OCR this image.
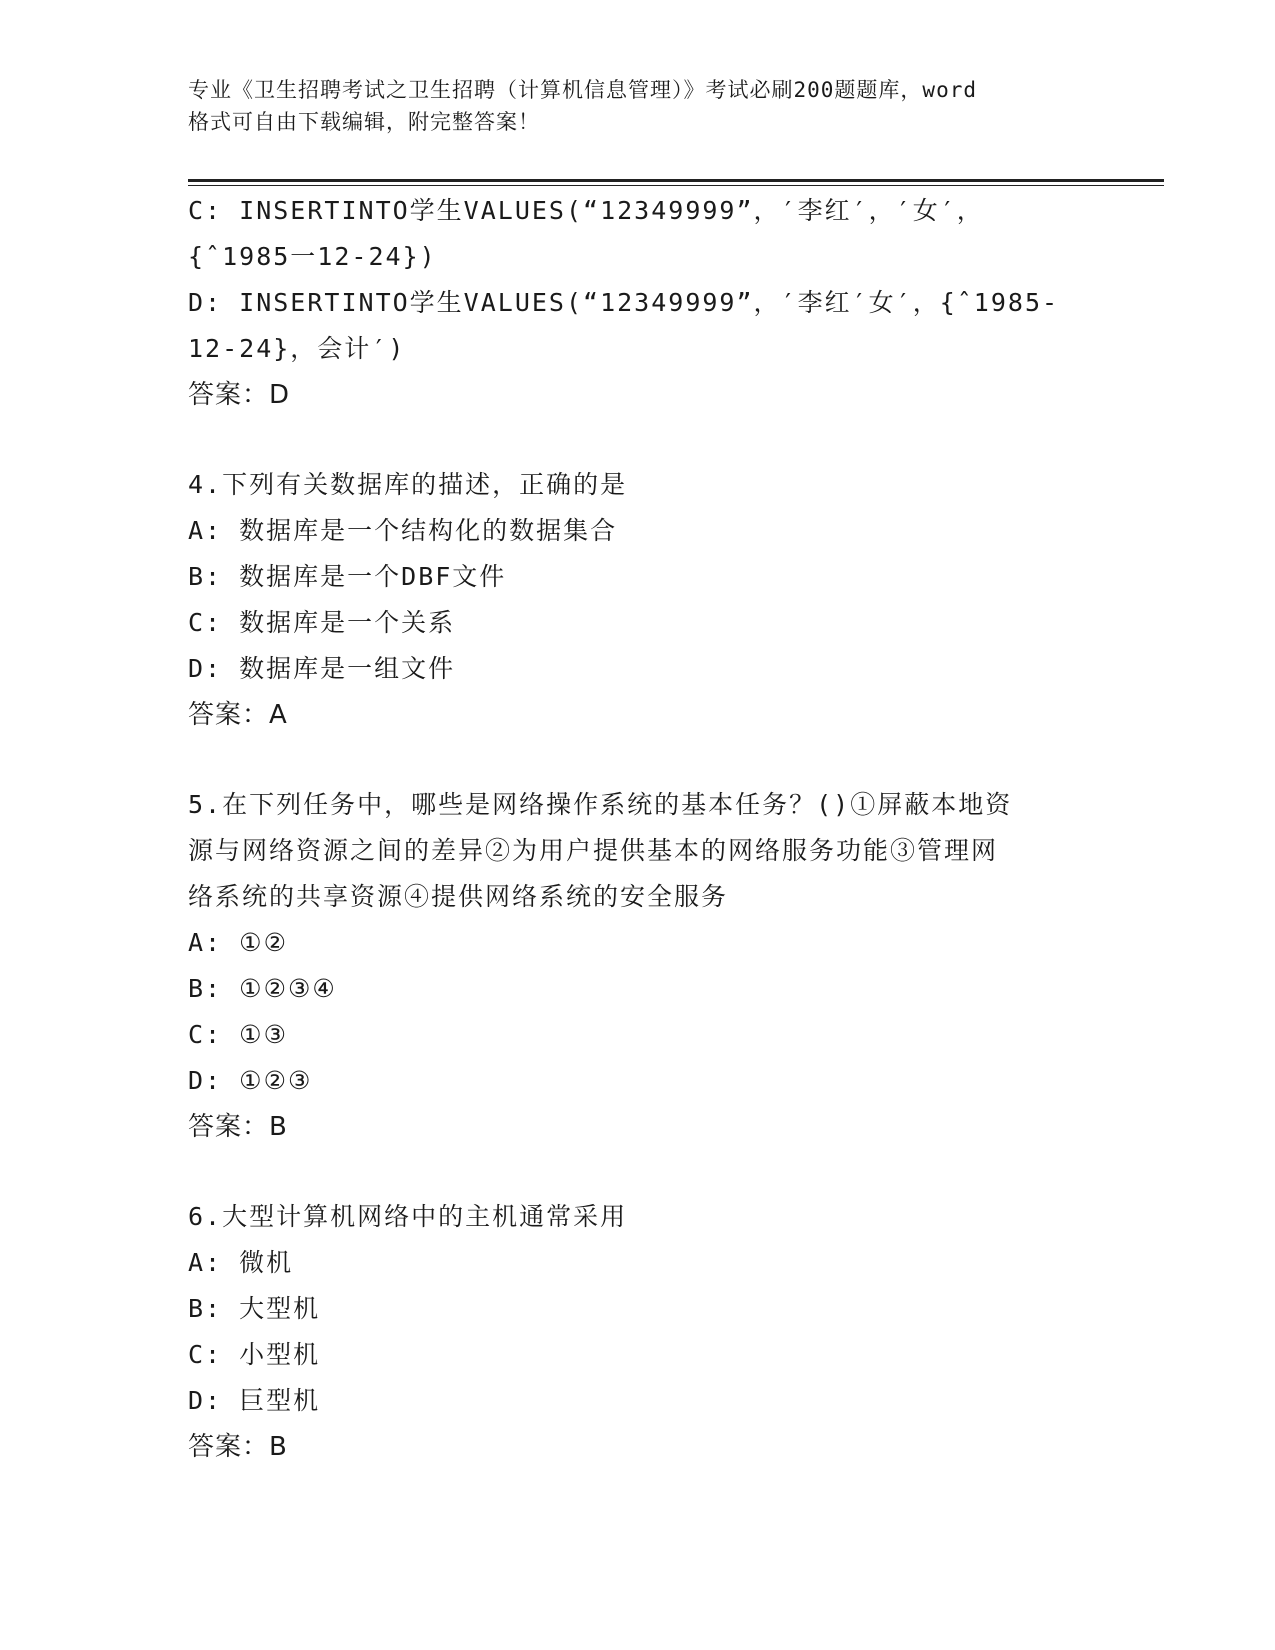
专业《卫生招聘考试之卫生招聘（计算机信息管理）》考试必刷200题题库，word
格式可自由下载编辑，附完整答案！
C: INSERTINTO学生VALUES(“12349999”，′李红′，′女′，
{ˆ1985一12-24})
D: INSERTINTO学生VALUES(“12349999”，′李红′女′，{ˆ1985-
12-24}，会计′)
答案：D
4.下列有关数据库的描述，正确的是
A: 数据库是一个结构化的数据集合
B: 数据库是一个DBF文件
C: 数据库是一个关系
D: 数据库是一组文件
答案：A
5.在下列任务中，哪些是网络操作系统的基本任务？()①屏蔽本地资
源与网络资源之间的差异②为用户提供基本的网络服务功能③管理网
络系统的共享资源④提供网络系统的安全服务
A: ①②
B: ①②③④
C: ①③
D: ①②③
答案：B
6.大型计算机网络中的主机通常采用
A: 微机
B: 大型机
C: 小型机
D: 巨型机
答案：B
